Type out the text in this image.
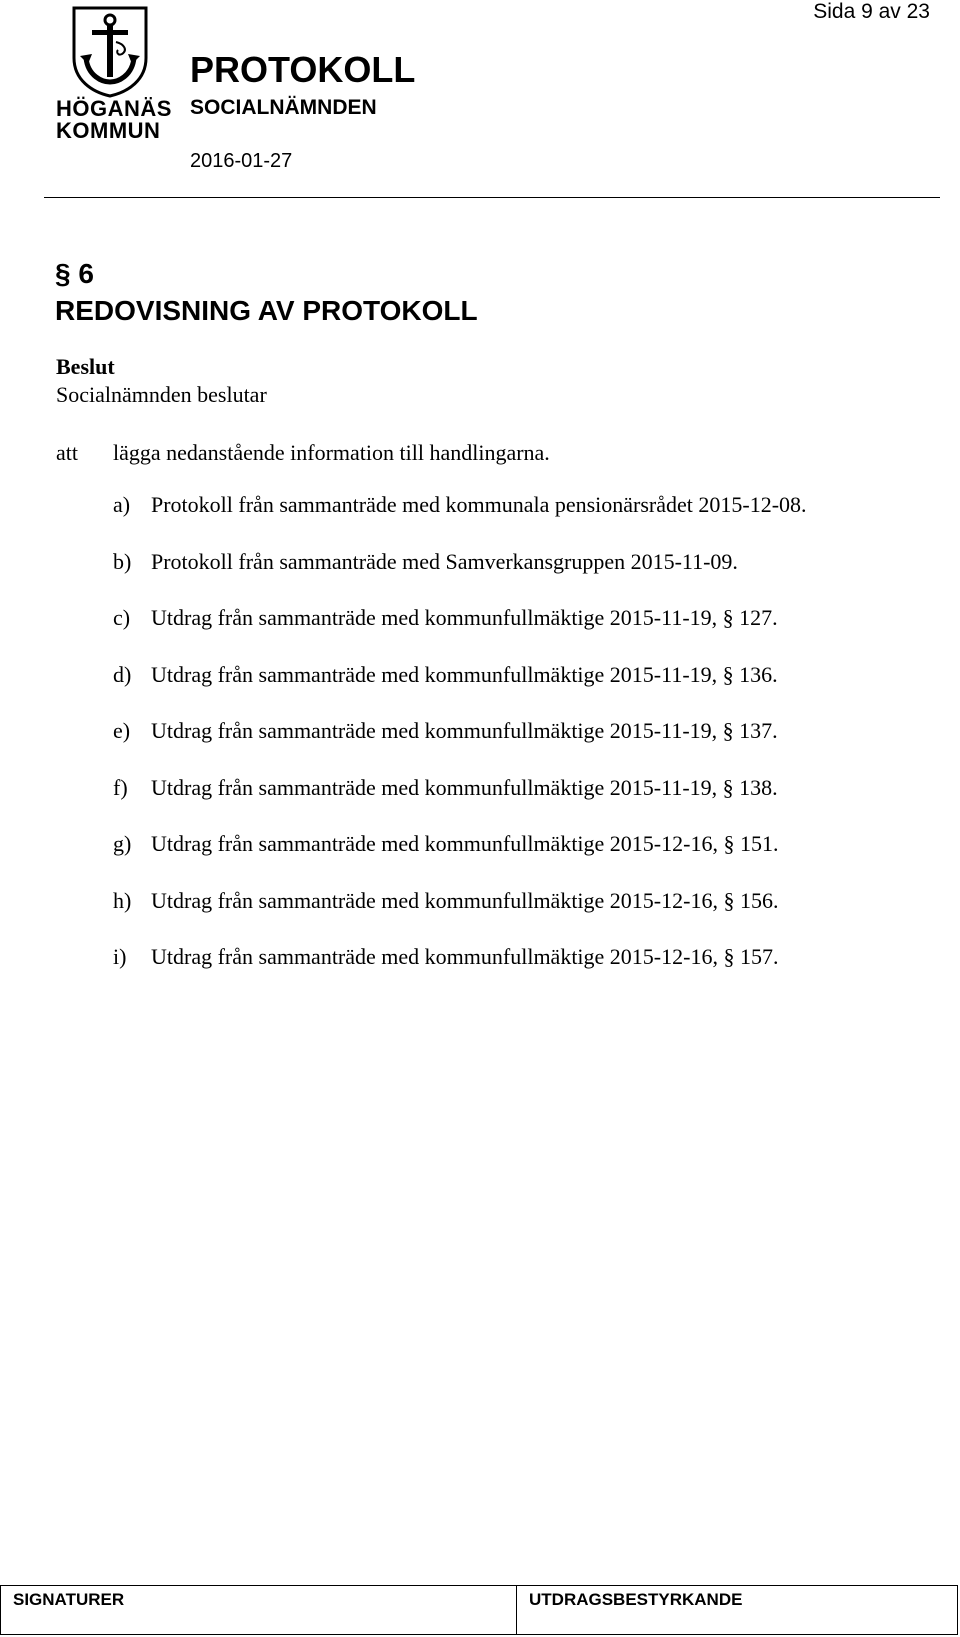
Sida 9 av 23
HÖGANÄS
KOMMUN
PROTOKOLL
SOCIALNÄMNDEN
2016-01-27
§ 6
REDOVISNING AV PROTOKOLL
Beslut
Socialnämnden beslutar
att lägga nedanstående information till handlingarna.
a) Protokoll från sammanträde med kommunala pensionärsrådet 2015-12-08.
b) Protokoll från sammanträde med Samverkansgruppen 2015-11-09.
c) Utdrag från sammanträde med kommunfullmäktige 2015-11-19, § 127.
d) Utdrag från sammanträde med kommunfullmäktige 2015-11-19, § 136.
e) Utdrag från sammanträde med kommunfullmäktige 2015-11-19, § 137.
f)	Utdrag från sammanträde med kommunfullmäktige 2015-11-19, § 138.
g) Utdrag från sammanträde med kommunfullmäktige 2015-12-16, § 151.
h) Utdrag från sammanträde med kommunfullmäktige 2015-12-16, § 156.
i)	Utdrag från sammanträde med kommunfullmäktige 2015-12-16, § 157.
SIGNATURER	UTDRAGSBESTYRKANDE
